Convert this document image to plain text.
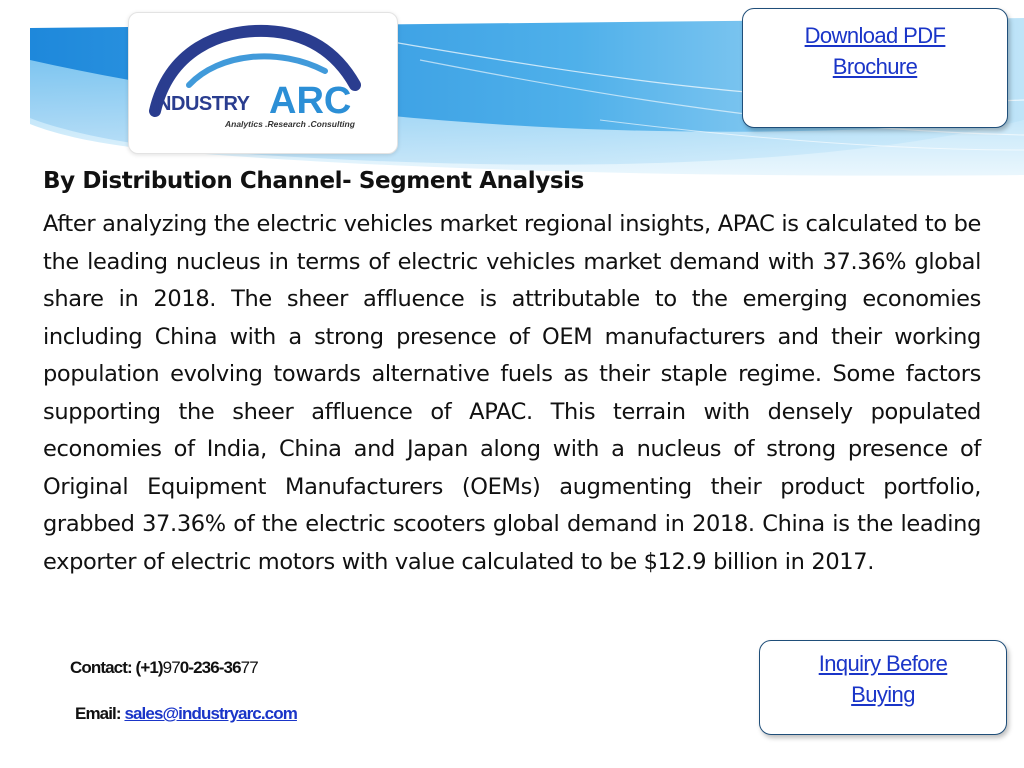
INDUSTRY ARC
Analytics .Research .Consulting
Download PDF Brochure
By Distribution Channel- Segment Analysis

After analyzing the electric vehicles market regional insights, APAC is calculated to be the leading nucleus in terms of electric vehicles market demand with 37.36% global share in 2018. The sheer affluence is attributable to the emerging economies including China with a strong presence of OEM manufacturers and their working population evolving towards alternative fuels as their staple regime. Some factors supporting the sheer affluence of APAC. This terrain with densely populated economies of India, China and Japan along with a nucleus of strong presence of Original Equipment Manufacturers (OEMs) augmenting their product portfolio, grabbed 37.36% of the electric scooters global demand in 2018. China is the leading exporter of electric motors with value calculated to be $12.9 billion in 2017.

Contact: (+1)970-236-3677

Email: sales@industryarc.com

Inquiry Before Buying
